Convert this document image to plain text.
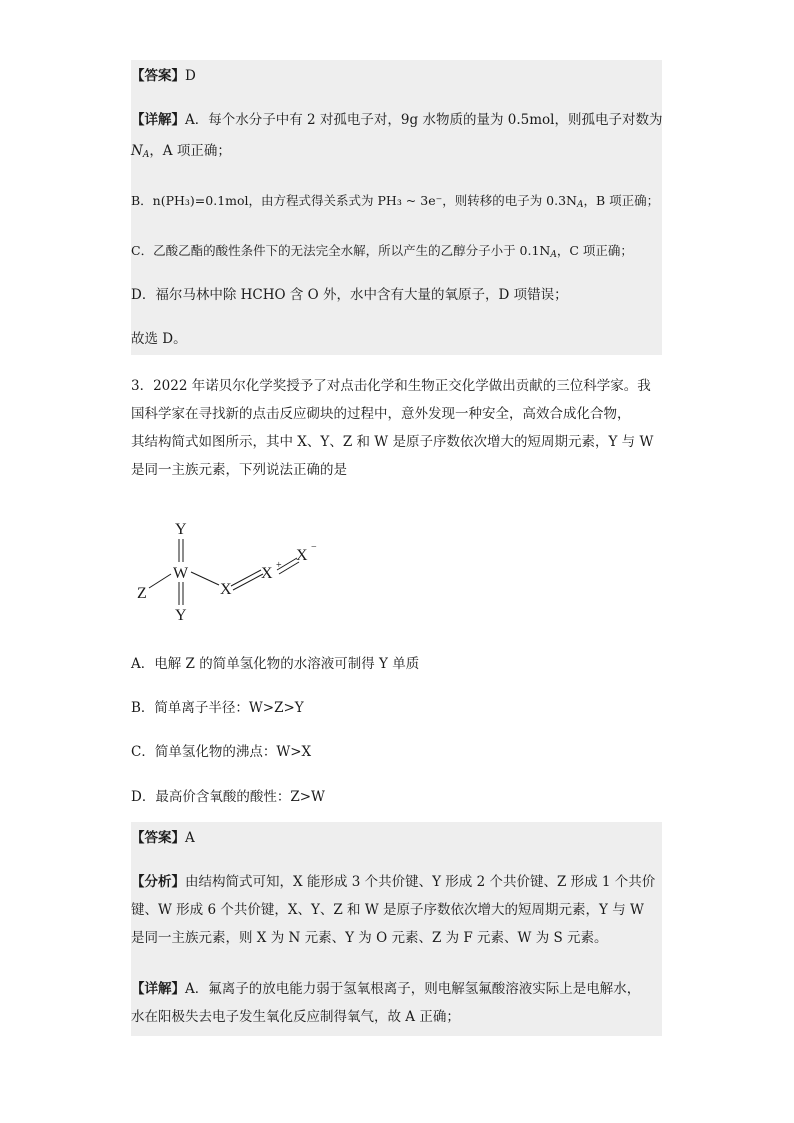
【答案】D
【详解】A．每个水分子中有 2 对孤电子对，9g 水物质的量为 0.5mol，则孤电子对数为
$N_A$，A 项正确；
B．n(PH₃)=0.1mol，由方程式得关系式为 PH₃ ~ 3e⁻，则转移的电子为 $0.3N_A$，B 项正确；
C．乙酸乙酯的酸性条件下的无法完全水解，所以产生的乙醇分子小于 $0.1N_A$，C 项正确；
D．福尔马林中除 HCHO 含 O 外，水中含有大量的氧原子，D 项错误；
故选 D。
3．2022 年诺贝尔化学奖授予了对点击化学和生物正交化学做出贡献的三位科学家。我
国科学家在寻找新的点击反应砌块的过程中，意外发现一种安全，高效合成化合物，
其结构简式如图所示，其中 X、Y、Z 和 W 是原子序数依次增大的短周期元素，Y 与 W
是同一主族元素，下列说法正确的是
Y
W
Y
Z	X
X +
X −
A．电解 Z 的简单氢化物的水溶液可制得 Y 单质
B．简单离子半径：W>Z>Y
C．简单氢化物的沸点：W>X
D．最高价含氧酸的酸性：Z>W
【答案】A
【分析】由结构简式可知，X 能形成 3 个共价键、Y 形成 2 个共价键、Z 形成 1 个共价
键、W 形成 6 个共价键，X、Y、Z 和 W 是原子序数依次增大的短周期元素，Y 与 W
是同一主族元素，则 X 为 N 元素、Y 为 O 元素、Z 为 F 元素、W 为 S 元素。
【详解】A．氟离子的放电能力弱于氢氧根离子，则电解氢氟酸溶液实际上是电解水，
水在阳极失去电子发生氧化反应制得氧气，故 A 正确；
